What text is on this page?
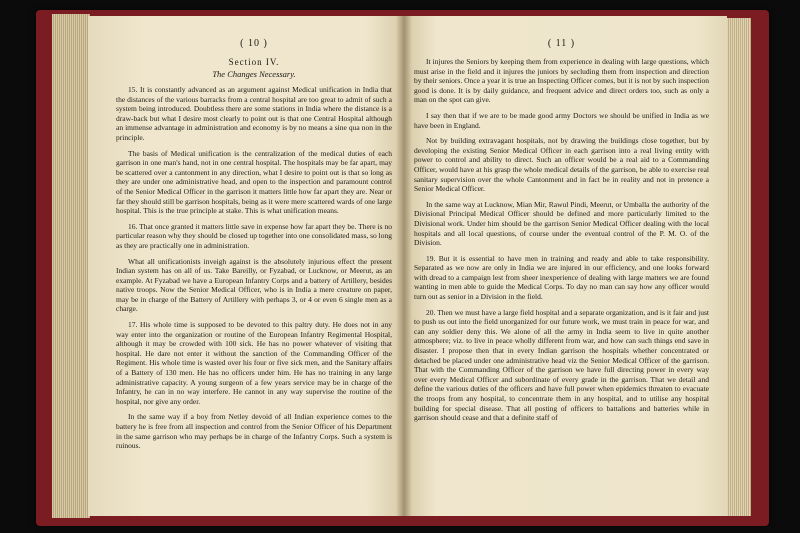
( 10 )
Section IV.
The Changes Necessary.

15. It is constantly advanced as an argument against Medical unification in India that the distances of the various barracks from a central hospital are too great to admit of such a system being introduced. Doubtless there are some stations in India where the distance is a draw-back but what I desire most clearly to point out is that one Central Hospital although an immense advantage in administration and economy is by no means a sine qua non in the principle.

The basis of Medical unification is the centralization of the medical duties of each garrison in one man's hand, not in one central hospital. The hospitals may be far apart, may be scattered over a cantonment in any direction, what I desire to point out is that so long as they are under one administrative head, and open to the inspection and paramount control of the Senior Medical Officer in the garrison it matters little how far apart they are. Near or far they should still be garrison hospitals, being as it were mere scattered wards of one large hospital. This is the true principle at stake. This is what unification means.

16. That once granted it matters little save in expense how far apart they be. There is no particular reason why they should be closed up together into one consolidated mass, so long as they are practically one in administration.

What all unificationists inveigh against is the absolutely injurious effect the present Indian system has on all of us. Take Bareilly, or Fyzabad, or Lucknow, or Meerut, as an example. At Fyzabad we have a European Infantry Corps and a battery of Artillery, besides native troops. Now the Senior Medical Officer, who is in India a mere creature on paper, may be in charge of the Battery of Artillery with perhaps 3, or 4 or even 6 single men as a charge.

17. His whole time is supposed to be devoted to this paltry duty. He does not in any way enter into the organization or routine of the European Infantry Regimental Hospital, although it may be crowded with 100 sick. He has no power whatever of visiting that hospital. He dare not enter it without the sanction of the Commanding Officer of the Regiment. His whole time is wasted over his four or five sick men, and the Sanitary affairs of a Battery of 130 men. He has no officers under him. He has no training in any large administrative capacity. A young surgeon of a few years service may be in charge of the Infantry, he can in no way interfere. He cannot in any way supervise the routine of the hospital, nor give any order.

In the same way if a boy from Netley devoid of all Indian experience comes to the battery he is free from all inspection and control from the Senior Officer of his Department in the same garrison who may perhaps be in charge of the Infantry Corps. Such a system is ruinous.

( 11 )

It injures the Seniors by keeping them from experience in dealing with large questions, which must arise in the field and it injures the juniors by secluding them from inspection and direction by their seniors. Once a year it is true an Inspecting Officer comes, but it is not by such inspection good is done. It is by daily guidance, and frequent advice and direct orders too, such as only a man on the spot can give.

I say then that if we are to be made good army Doctors we should be unified in India as we have been in England.

Not by building extravagant hospitals, not by drawing the buildings close together, but by developing the existing Senior Medical Officer in each garrison into a real living entity with power to control and ability to direct. Such an officer would be a real aid to a Commanding Officer, would have at his grasp the whole medical details of the garrison, be able to exercise real sanitary supervision over the whole Cantonment and in fact be in reality and not in pretence a Senior Medical Officer.

In the same way at Lucknow, Mian Mir, Rawul Pindi, Meerut, or Umballa the authority of the Divisional Principal Medical Officer should be defined and more particularly limited to the Divisional work. Under him should be the garrison Senior Medical Officer dealing with the local hospitals and all local questions, of course under the eventual control of the P. M. O. of the Division.

19. But it is essential to have men in training and ready and able to take responsibility. Separated as we now are only in India we are injured in our efficiency, and one looks forward with dread to a campaign lest from sheer inexperience of dealing with large matters we are found wanting in men able to guide the Medical Corps. To day no man can say how any officer would turn out as senior in a Division in the field.

20. Then we must have a large field hospital and a separate organization, and is it fair and just to push us out into the field unorganized for our future work, we must train in peace for war, and can any soldier deny this. We alone of all the army in India seem to live in quite another atmosphere; viz. to live in peace wholly different from war, and how can such things end save in disaster. I propose then that in every Indian garrison the hospitals whether concentrated or detached be placed under one administrative head viz the Senior Medical Officer of the garrison. That with the Commanding Officer of the garrison we have full directing power in every way over every Medical Officer and subordinate of every grade in the garrison. That we detail and define the various duties of the officers and have full power when epidemics threaten to evacuate the troops from any hospital, to concentrate them in any hospital, and to utilise any hospital building for special disease. That all posting of officers to battalions and batteries while in garrison should cease and that a definite staff of
